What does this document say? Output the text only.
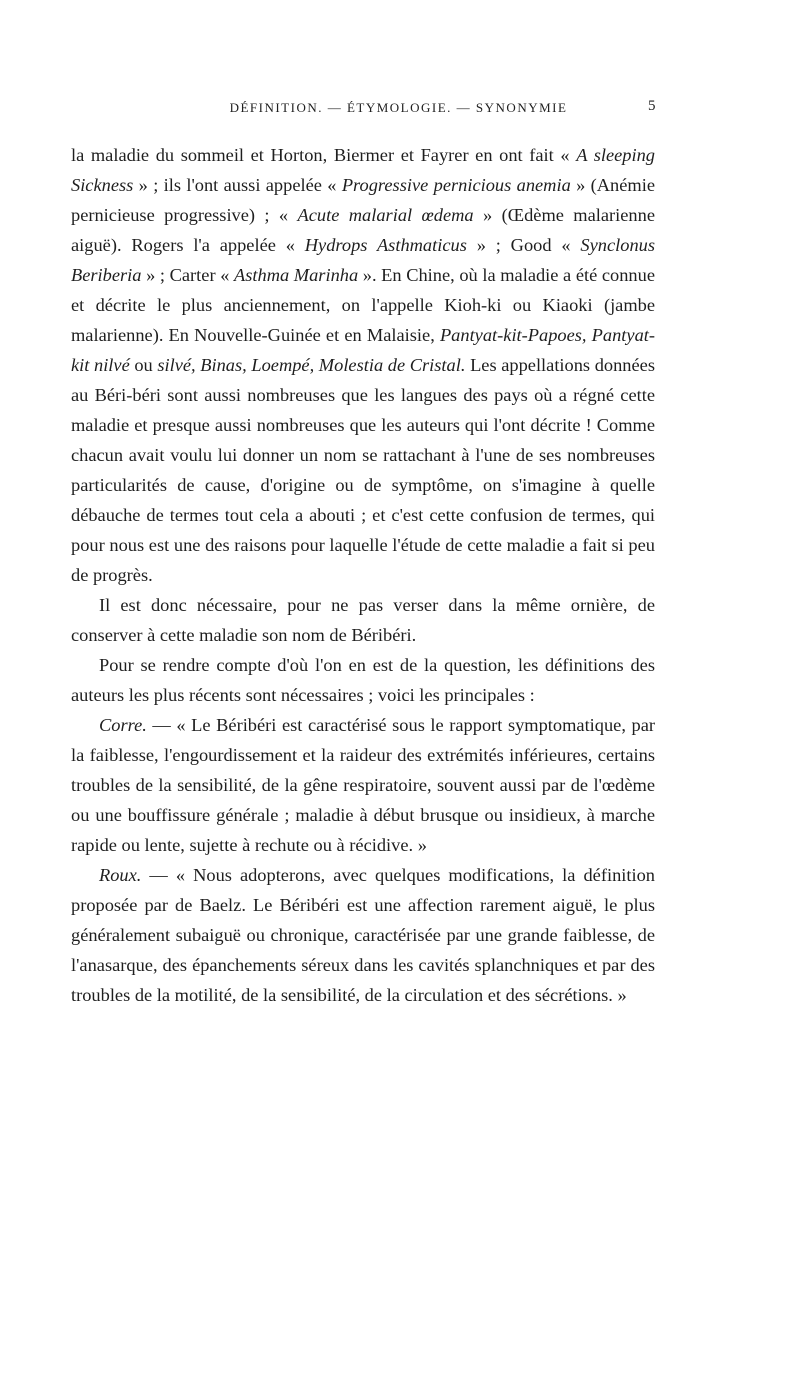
DÉFINITION. — ÉTYMOLOGIE. — SYNONYMIE	5

la maladie du sommeil et Horton, Biermer et Fayrer en ont fait « A sleeping Sickness » ; ils l'ont aussi appelée « Progressive pernicious anemia » (Anémie pernicieuse progressive) ; « Acute malarial œdema » (Œdème malarienne aiguë). Rogers l'a appelée « Hydrops Asthmaticus » ; Good « Synclonus Beriberia » ; Carter « Asthma Marinha ». En Chine, où la maladie a été connue et décrite le plus anciennement, on l'appelle Kioh-ki ou Kiaoki (jambe malarienne). En Nouvelle-Guinée et en Malaisie, Pantyat-kit-Papoes, Pantyat-kit nilvé ou silvé, Binas, Loempé, Molestia de Cristal. Les appellations données au Béri-béri sont aussi nombreuses que les langues des pays où a régné cette maladie et presque aussi nombreuses que les auteurs qui l'ont décrite ! Comme chacun avait voulu lui donner un nom se rattachant à l'une de ses nombreuses particularités de cause, d'origine ou de symptôme, on s'imagine à quelle débauche de termes tout cela a abouti ; et c'est cette confusion de termes, qui pour nous est une des raisons pour laquelle l'étude de cette maladie a fait si peu de progrès.

Il est donc nécessaire, pour ne pas verser dans la même ornière, de conserver à cette maladie son nom de Béribéri.

Pour se rendre compte d'où l'on en est de la question, les définitions des auteurs les plus récents sont nécessaires ; voici les principales :

Corre. — « Le Béribéri est caractérisé sous le rapport symptomatique, par la faiblesse, l'engourdissement et la raideur des extrémités inférieures, certains troubles de la sensibilité, de la gêne respiratoire, souvent aussi par de l'œdème ou une bouffissure générale ; maladie à début brusque ou insidieux, à marche rapide ou lente, sujette à rechute ou à récidive. »

Roux. — « Nous adopterons, avec quelques modifications, la définition proposée par de Baelz. Le Béribéri est une affection rarement aiguë, le plus généralement subaiguë ou chronique, caractérisée par une grande faiblesse, de l'anasarque, des épanchements séreux dans les cavités splanchniques et par des troubles de la motilité, de la sensibilité, de la circulation et des sécrétions. »
